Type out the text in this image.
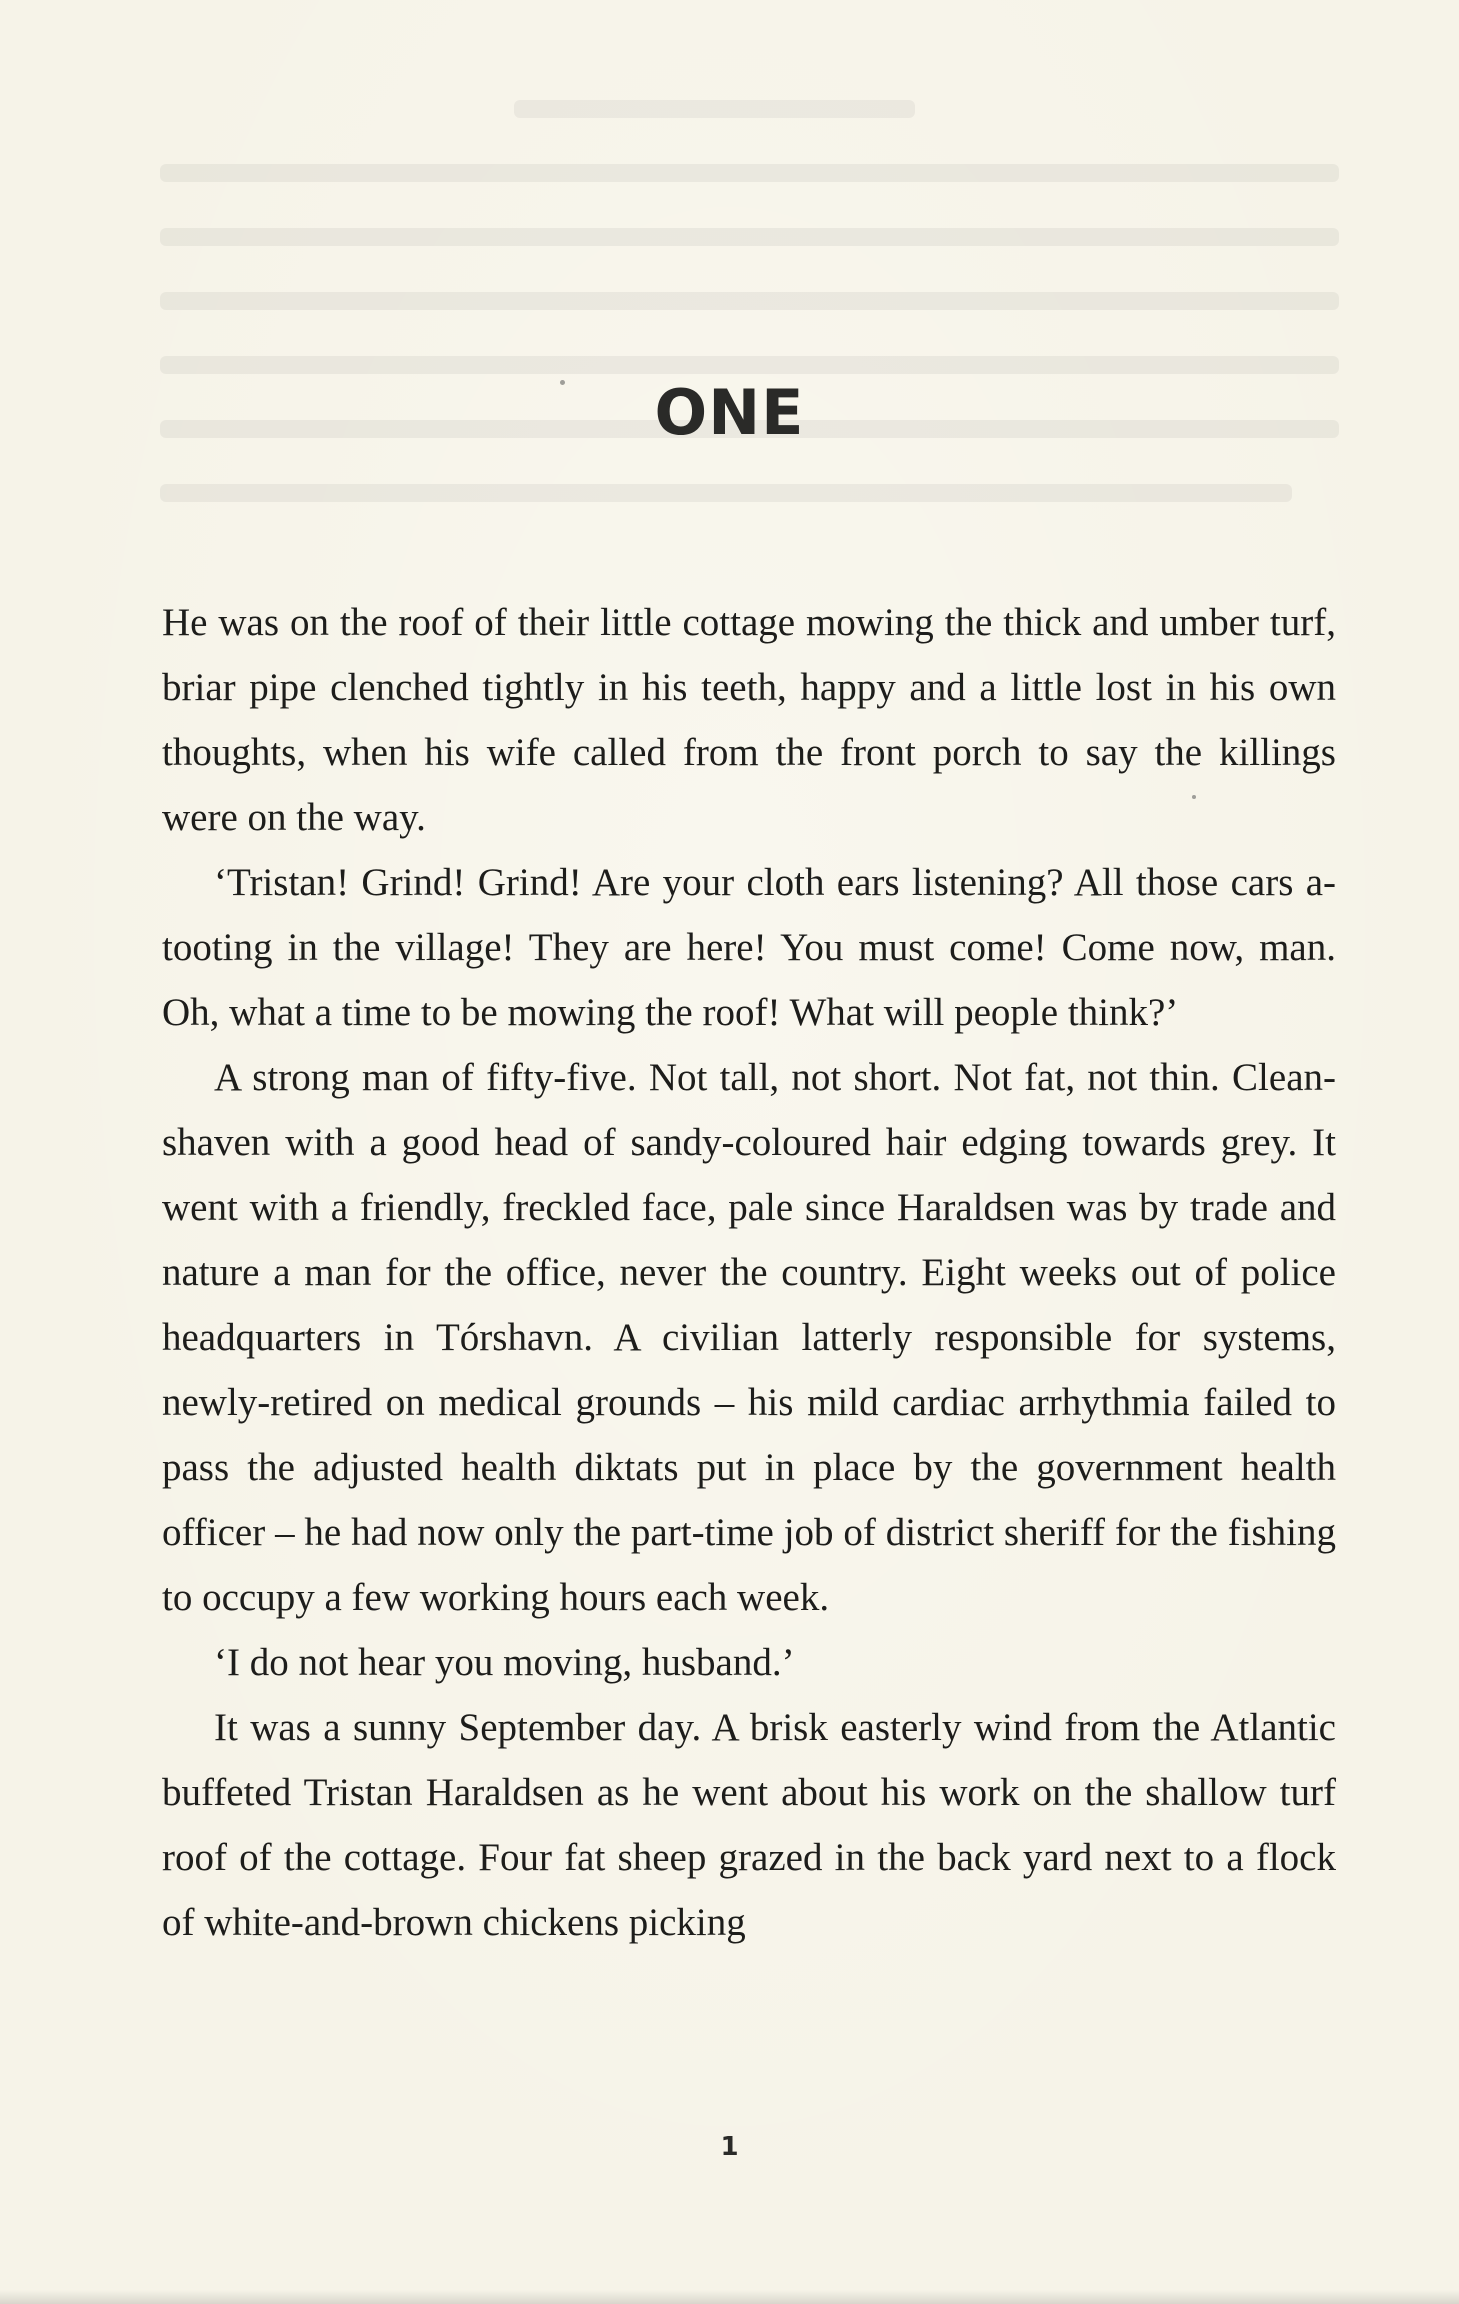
ONE

He was on the roof of their little cottage mowing the thick and umber turf, briar pipe clenched tightly in his teeth, happy and a little lost in his own thoughts, when his wife called from the front porch to say the killings were on the way.

‘Tristan! Grind! Grind! Are your cloth ears listening? All those cars a-tooting in the village! They are here! You must come! Come now, man. Oh, what a time to be mowing the roof! What will people think?’

A strong man of fifty-five. Not tall, not short. Not fat, not thin. Clean-shaven with a good head of sandy-coloured hair edging towards grey. It went with a friendly, freckled face, pale since Haraldsen was by trade and nature a man for the office, never the country. Eight weeks out of police headquarters in Tórshavn. A civilian latterly responsible for systems, newly-retired on medical grounds – his mild cardiac arrhythmia failed to pass the adjusted health diktats put in place by the government health officer – he had now only the part-time job of district sheriff for the fishing to occupy a few working hours each week.

‘I do not hear you moving, husband.’

It was a sunny September day. A brisk easterly wind from the Atlantic buffeted Tristan Haraldsen as he went about his work on the shallow turf roof of the cottage. Four fat sheep grazed in the back yard next to a flock of white-and-brown chickens picking

1
